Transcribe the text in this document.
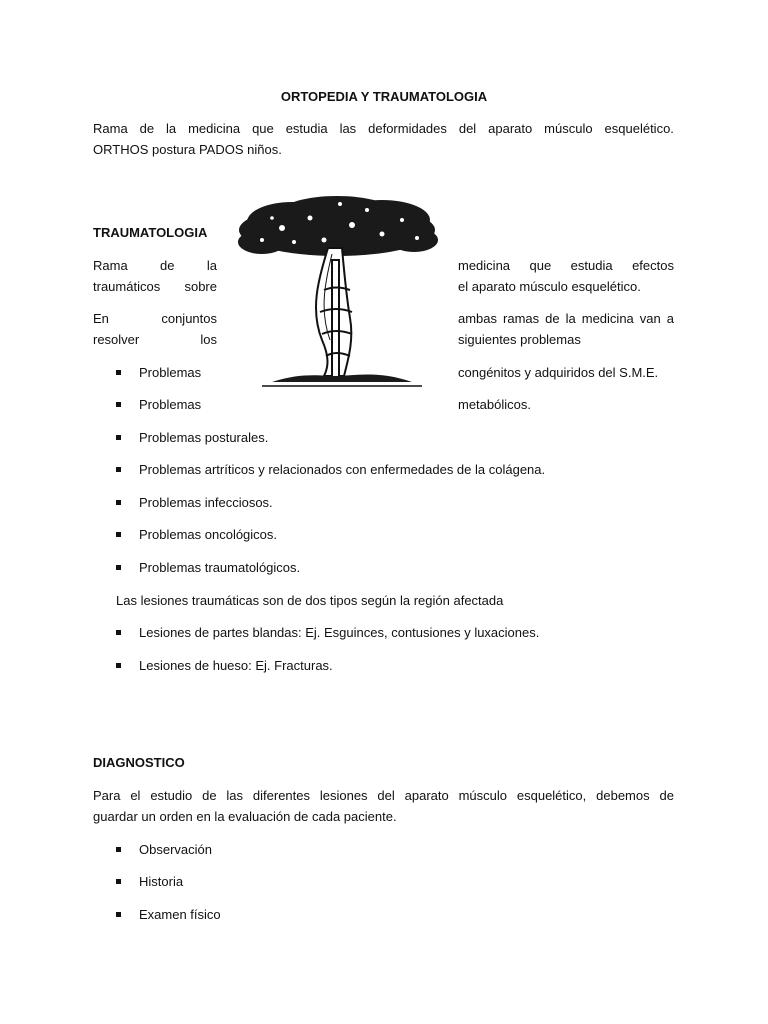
ORTOPEDIA Y TRAUMATOLOGIA
Rama de la medicina que estudia las deformidades del aparato músculo esquelético.
ORTHOS postura PADOS niños.
TRAUMATOLOGIA
Rama de la	medicina que estudia efectos
traumáticos sobre	el aparato músculo esquelético.
En	conjuntos	ambas ramas de la medicina van a
resolver	los	siguientes problemas
Problemas	congénitos y adquiridos del S.M.E.
Problemas	metabólicos.
Problemas posturales.
Problemas artríticos y relacionados con enfermedades de la colágena.
Problemas infecciosos.
Problemas oncológicos.
Problemas traumatológicos.
Las lesiones traumáticas son de dos tipos según la región afectada
Lesiones de partes blandas: Ej. Esguinces, contusiones y luxaciones.
Lesiones de hueso: Ej. Fracturas.
DIAGNOSTICO
Para el estudio de las diferentes lesiones del aparato músculo esquelético, debemos de
guardar un orden en la evaluación de cada paciente.
Observación
Historia
Examen físico
